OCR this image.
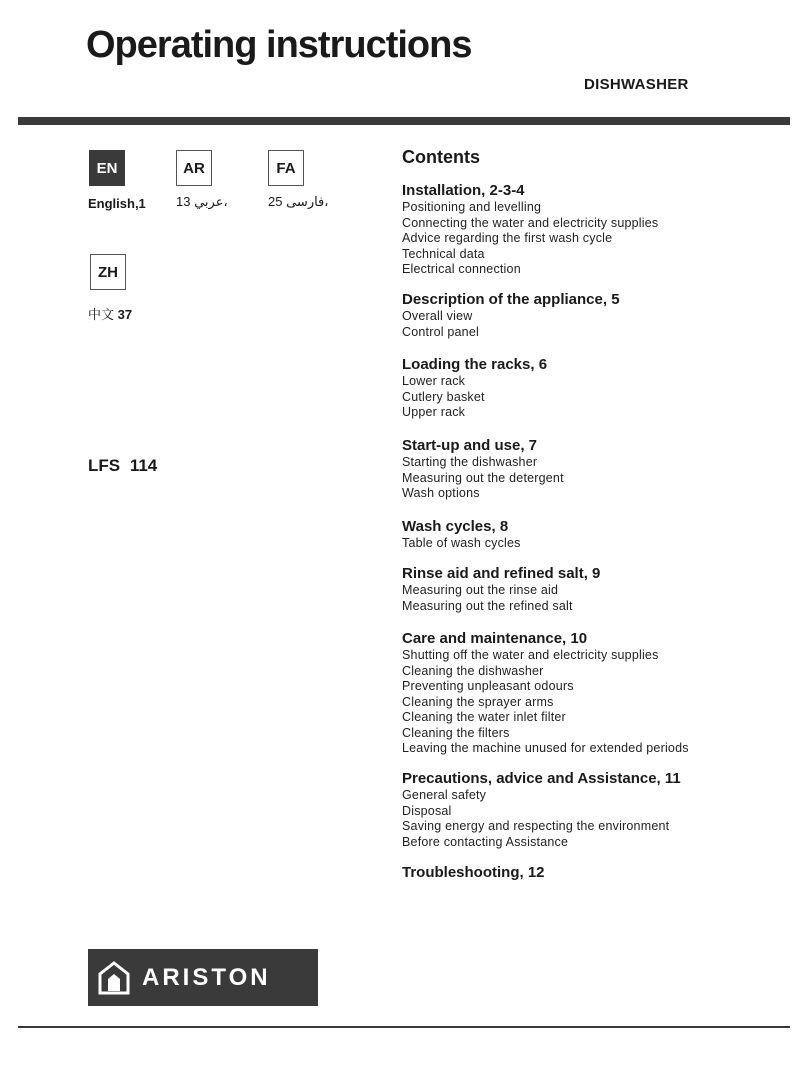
Operating instructions
DISHWASHER
EN
English,1
AR
13 عربي،
FA
25 فارسی،
ZH
中文 37
LFS 114
Contents
Installation, 2-3-4
Positioning and levelling
Connecting the water and electricity supplies
Advice regarding the first wash cycle
Technical data
Electrical connection
Description of the appliance, 5
Overall view
Control panel
Loading the racks, 6
Lower rack
Cutlery basket
Upper rack
Start-up and use, 7
Starting the dishwasher
Measuring out the detergent
Wash options
Wash cycles, 8
Table of wash cycles
Rinse aid and refined salt, 9
Measuring out the rinse aid
Measuring out the refined salt
Care and maintenance, 10
Shutting off the water and electricity supplies
Cleaning the dishwasher
Preventing unpleasant odours
Cleaning the sprayer arms
Cleaning the water inlet filter
Cleaning the filters
Leaving the machine unused for extended periods
Precautions, advice and Assistance, 11
General safety
Disposal
Saving energy and respecting the environment
Before contacting Assistance
Troubleshooting, 12
ARISTON
